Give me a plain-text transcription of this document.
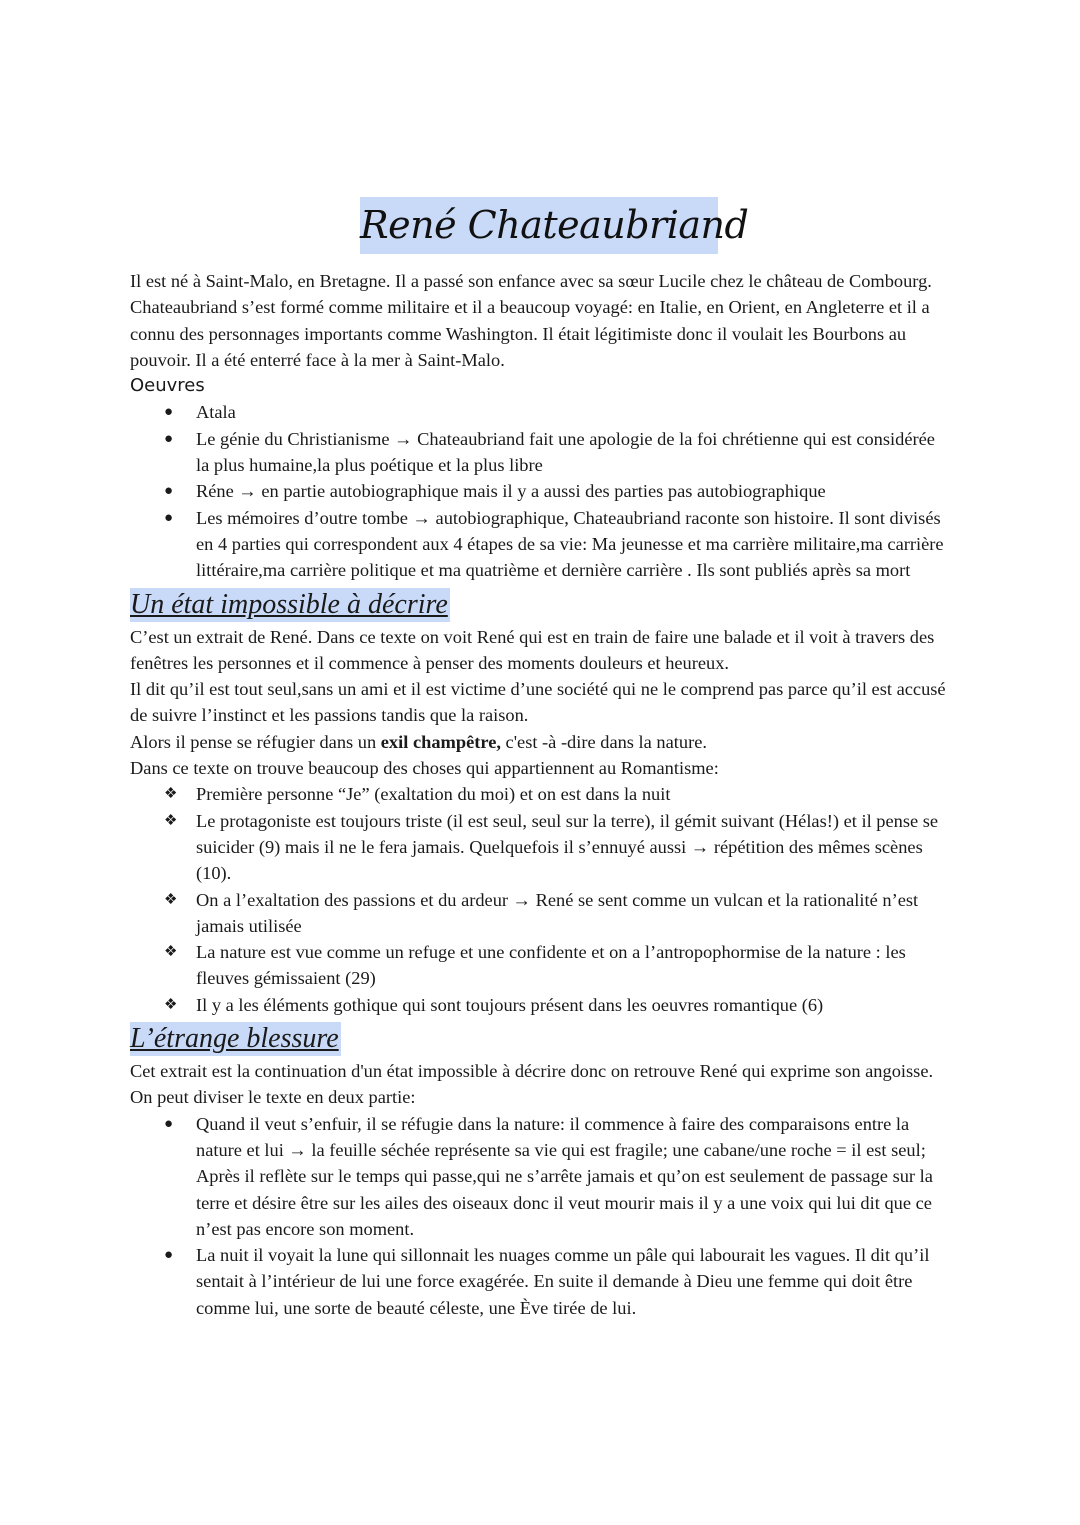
René Chateaubriand

Il est né à Saint-Malo, en Bretagne. Il a passé son enfance avec sa sœur Lucile chez le château de Combourg. Chateaubriand s’est formé comme militaire et il a beaucoup voyagé: en Italie, en Orient, en Angleterre et il a connu des personnages importants comme Washington. Il était légitimiste donc il voulait les Bourbons au pouvoir. Il a été enterré face à la mer à Saint-Malo.

Oeuvres
● Atala
● Le génie du Christianisme → Chateaubriand fait une apologie de la foi chrétienne qui est considérée la plus humaine,la plus poétique et la plus libre
● Réne → en partie autobiographique mais il y a aussi des parties pas autobiographique
● Les mémoires d’outre tombe → autobiographique, Chateaubriand raconte son histoire. Il sont divisés en 4 parties qui correspondent aux 4 étapes de sa vie: Ma jeunesse et ma carrière militaire,ma carrière littéraire,ma carrière politique et ma quatrième et dernière carrière . Ils sont publiés après sa mort
Un état impossible à décrire

C’est un extrait de René. Dans ce texte on voit René qui est en train de faire une balade et il voit à travers des fenêtres les personnes et il commence à penser des moments douleurs et heureux.

Il dit qu’il est tout seul,sans un ami et il est victime d’une société qui ne le comprend pas parce qu’il est accusé de suivre l’instinct et les passions tandis que la raison.

Alors il pense se réfugier dans un exil champêtre, c'est -à -dire dans la nature.

Dans ce texte on trouve beaucoup des choses qui appartiennent au Romantisme:

❖ Première personne “Je” (exaltation du moi) et on est dans la nuit
❖ Le protagoniste est toujours triste (il est seul, seul sur la terre), il gémit suivant (Hélas!) et il pense se suicider (9) mais il ne le fera jamais. Quelquefois il s’ennuyé aussi → répétition des mêmes scènes (10).
❖ On a l’exaltation des passions et du ardeur → René se sent comme un vulcan et la rationalité n’est jamais utilisée
❖ La nature est vue comme un refuge et une confidente et on a l’antropophormise de la nature : les fleuves gémissaient (29)
❖ Il y a les éléments gothique qui sont toujours présent dans les oeuvres romantique (6)
L’étrange blessure

Cet extrait est la continuation d'un état impossible à décrire donc on retrouve René qui exprime son angoisse. On peut diviser le texte en deux partie:

● Quand il veut s’enfuir, il se réfugie dans la nature: il commence à faire des comparaisons entre la nature et lui → la feuille séchée représente sa vie qui est fragile; une cabane/une roche = il est seul; Après il reflète sur le temps qui passe,qui ne s’arrête jamais et qu’on est seulement de passage sur la terre et désire être sur les ailes des oiseaux donc il veut mourir mais il y a une voix qui lui dit que ce n’est pas encore son moment.
● La nuit il voyait la lune qui sillonnait les nuages comme un pâle qui labourait les vagues. Il dit qu’il sentait à l’intérieur de lui une force exagérée. En suite il demande à Dieu une femme qui doit être comme lui, une sorte de beauté céleste, une Ève tirée de lui.
